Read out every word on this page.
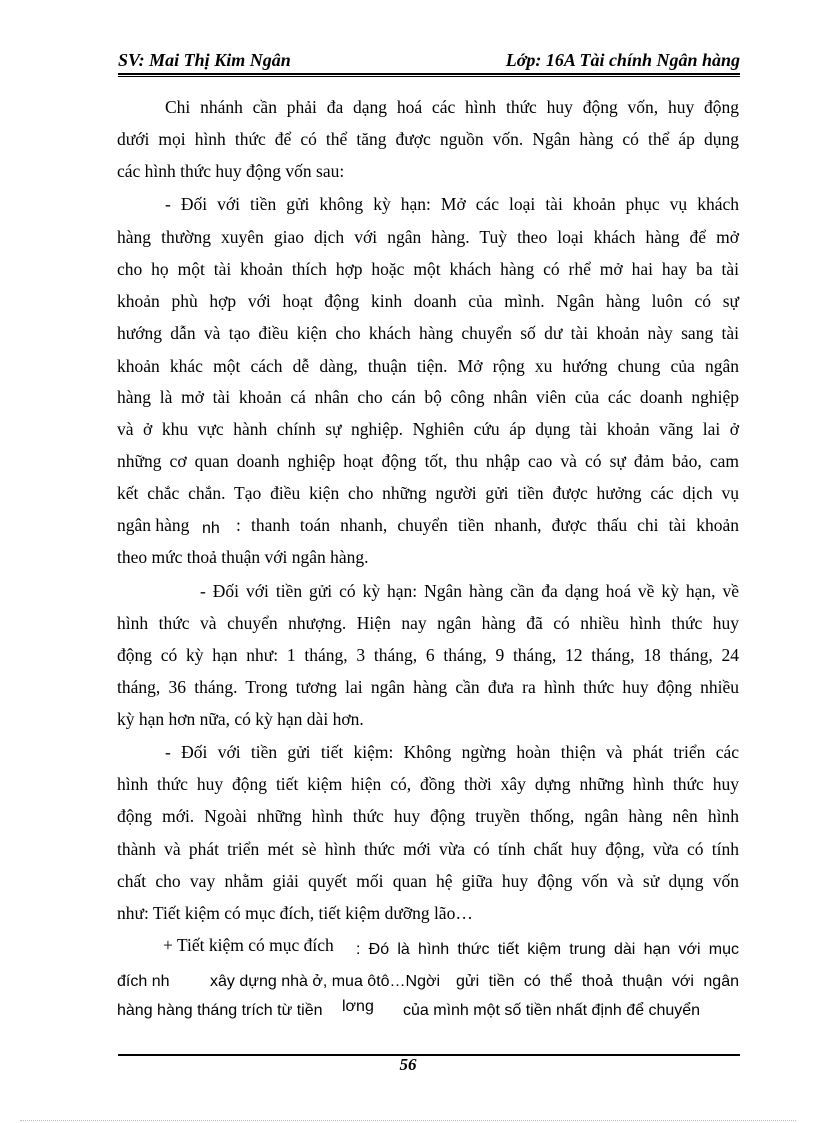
SV: Mai Thị Kim Ngân	Lớp: 16A Tài chính Ngân hàng
Chi nhánh cần phải đa dạng hoá các hình thức huy động vốn, huy động
dưới mọi hình thức để có thể tăng được nguồn vốn. Ngân hàng có thể áp dụng
các hình thức huy động vốn sau:
- Đối với tiền gửi không kỳ hạn: Mở các loại tài khoản phục vụ khách
hàng thường xuyên giao dịch với ngân hàng. Tuỳ theo loại khách hàng để mở
cho họ một tài khoản thích hợp hoặc một khách hàng có rhể mở hai hay ba tài
khoản phù hợp với hoạt động kinh doanh của mình. Ngân hàng luôn có sự
hướng dẫn và tạo điều kiện cho khách hàng chuyển số dư tài khoản này sang tài
khoản khác một cách dễ dàng, thuận tiện. Mở rộng xu hướng chung của ngân
hàng là mở tài khoản cá nhân cho cán bộ công nhân viên của các doanh nghiệp
và ở khu vực hành chính sự nghiệp. Nghiên cứu áp dụng tài khoản vãng lai ở
những cơ quan doanh nghiệp hoạt động tốt, thu nhập cao và có sự đảm bảo, cam
kết chắc chắn. Tạo điều kiện cho những người gửi tiền được hưởng các dịch vụ
ngân hàng nh : thanh toán nhanh, chuyển tiền nhanh, được thấu chi tài khoản
theo mức thoả thuận với ngân hàng.
- Đối với tiền gửi có kỳ hạn: Ngân hàng cần đa dạng hoá về kỳ hạn, về
hình thức và chuyển nhượng. Hiện nay ngân hàng đã có nhiều hình thức huy
động có kỳ hạn như: 1 tháng, 3 tháng, 6 tháng, 9 tháng, 12 tháng, 18 tháng, 24
tháng, 36 tháng. Trong tương lai ngân hàng cần đưa ra hình thức huy động nhiều
kỳ hạn hơn nữa, có kỳ hạn dài hơn.
- Đối với tiền gửi tiết kiệm: Không ngừng hoàn thiện và phát triển các
hình thức huy động tiết kiệm hiện có, đồng thời xây dựng những hình thức huy
động mới. Ngoài những hình thức huy động truyền thống, ngân hàng nên hình
thành và phát triển mét sè hình thức mới vừa có tính chất huy động, vừa có tính
chất cho vay nhằm giải quyết mối quan hệ giữa huy động vốn và sử dụng vốn
như: Tiết kiệm có mục đích, tiết kiệm dưỡng lão…
+ Tiết kiệm có mục đích : Đó là hình thức tiết kiệm trung dài hạn với mục
đích nh	xây dựng nhà ở, mua ôtô…Ngời gửi tiền có thể thoả thuận với ngân
hàng hàng tháng trích từ tiền lơng của mình một số tiền nhất định để chuyển
56
